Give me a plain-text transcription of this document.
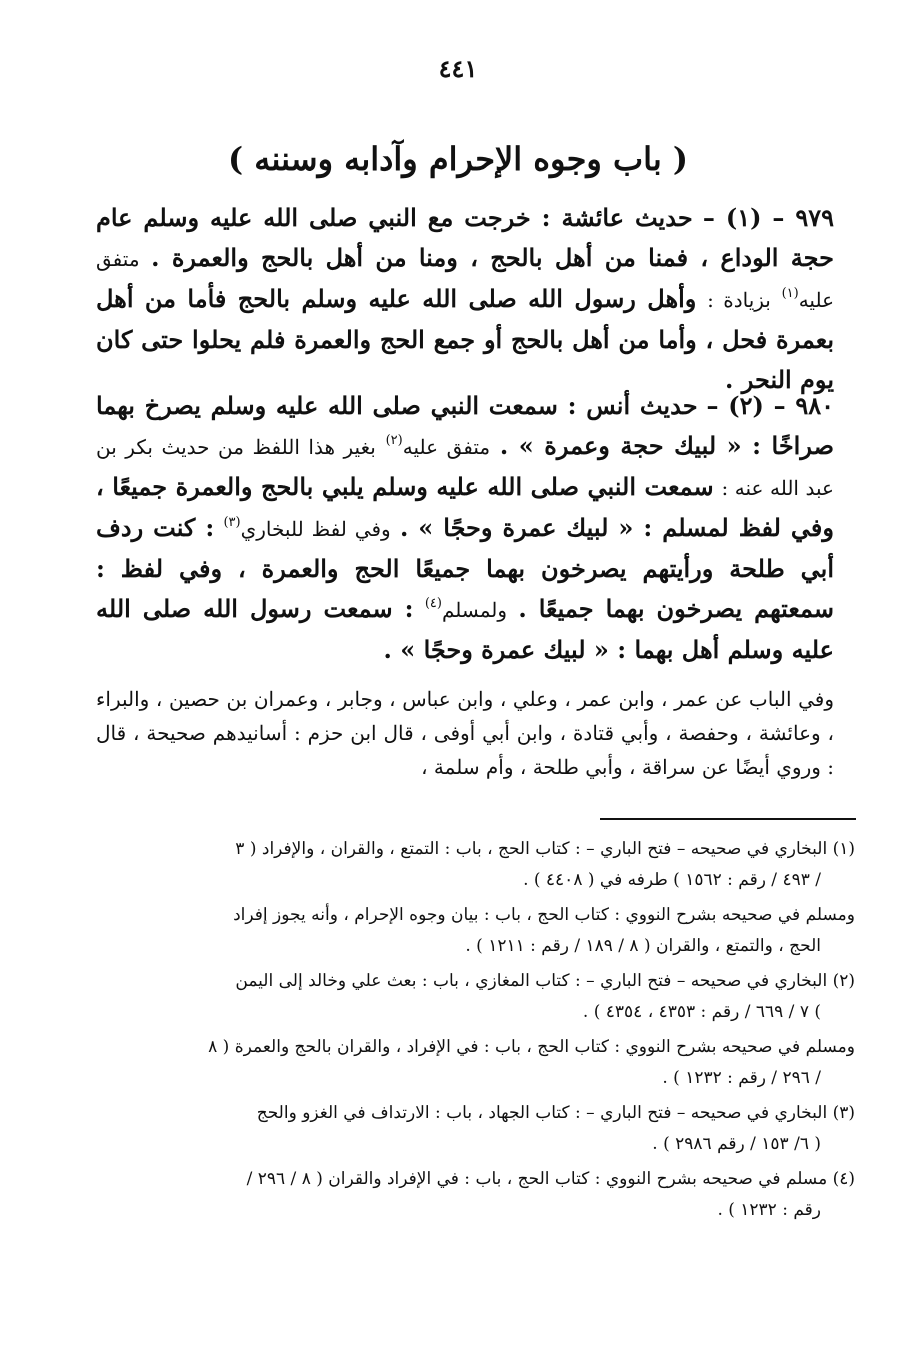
٤٤١
( باب وجوه الإحرام وآدابه وسننه )
٩٧٩ – (١) – حديث عائشة : خرجت مع النبي صلى الله عليه وسلم عام حجة الوداع ، فمنا من أهل بالحج ، ومنا من أهل بالحج والعمرة . متفق عليه$^{(١)}$ بزيادة : وأهل رسول الله صلى الله عليه وسلم بالحج فأما من أهل بعمرة فحل ، وأما من أهل بالحج أو جمع الحج والعمرة فلم يحلوا حتى كان يوم النحر .
٩٨٠ – (٢) – حديث أنس : سمعت النبي صلى الله عليه وسلم يصرخ بهما صراخًا : « لبيك حجة وعمرة » . متفق عليه$^{(٢)}$ بغير هذا اللفظ من حديث بكر بن عبد الله عنه : سمعت النبي صلى الله عليه وسلم يلبي بالحج والعمرة جميعًا ، وفي لفظ لمسلم : « لبيك عمرة وحجًا » . وفي لفظ للبخاري$^{(٣)}$ : كنت ردف أبي طلحة ورأيتهم يصرخون بهما جميعًا الحج والعمرة ، وفي لفظ : سمعتهم يصرخون بهما جميعًا . ولمسلم$^{(٤)}$ : سمعت رسول الله صلى الله عليه وسلم أهل بهما : « لبيك عمرة وحجًا » .
وفي الباب عن عمر ، وابن عمر ، وعلي ، وابن عباس ، وجابر ، وعمران بن حصين ، والبراء ، وعائشة ، وحفصة ، وأبي قتادة ، وابن أبي أوفى ، قال ابن حزم : أسانيدهم صحيحة ، قال : وروي أيضًا عن سراقة ، وأبي طلحة ، وأم سلمة ،
(١) البخاري في صحيحه – فتح الباري – : كتاب الحج ، باب : التمتع ، والقران ، والإفراد ( ٣
/ ٤٩٣ / رقم : ١٥٦٢ ) طرفه في ( ٤٤٠٨ ) .
ومسلم في صحيحه بشرح النووي : كتاب الحج ، باب : بيان وجوه الإحرام ، وأنه يجوز إفراد
الحج ، والتمتع ، والقران ( ٨ / ١٨٩ / رقم : ١٢١١ ) .
(٢) البخاري في صحيحه – فتح الباري – : كتاب المغازي ، باب : بعث علي وخالد إلى اليمن
) ٧ / ٦٦٩ / رقم : ٤٣٥٣ ، ٤٣٥٤ ) .
ومسلم في صحيحه بشرح النووي : كتاب الحج ، باب : في الإفراد ، والقران بالحج والعمرة ( ٨
/ ٢٩٦ / رقم : ١٢٣٢ ) .
(٣) البخاري في صحيحه – فتح الباري – : كتاب الجهاد ، باب : الارتداف في الغزو والحج
( ٦/ ١٥٣ / رقم ٢٩٨٦ ) .
(٤) مسلم في صحيحه بشرح النووي : كتاب الحج ، باب : في الإفراد والقران ( ٨ / ٢٩٦ /
رقم : ١٢٣٢ ) .
